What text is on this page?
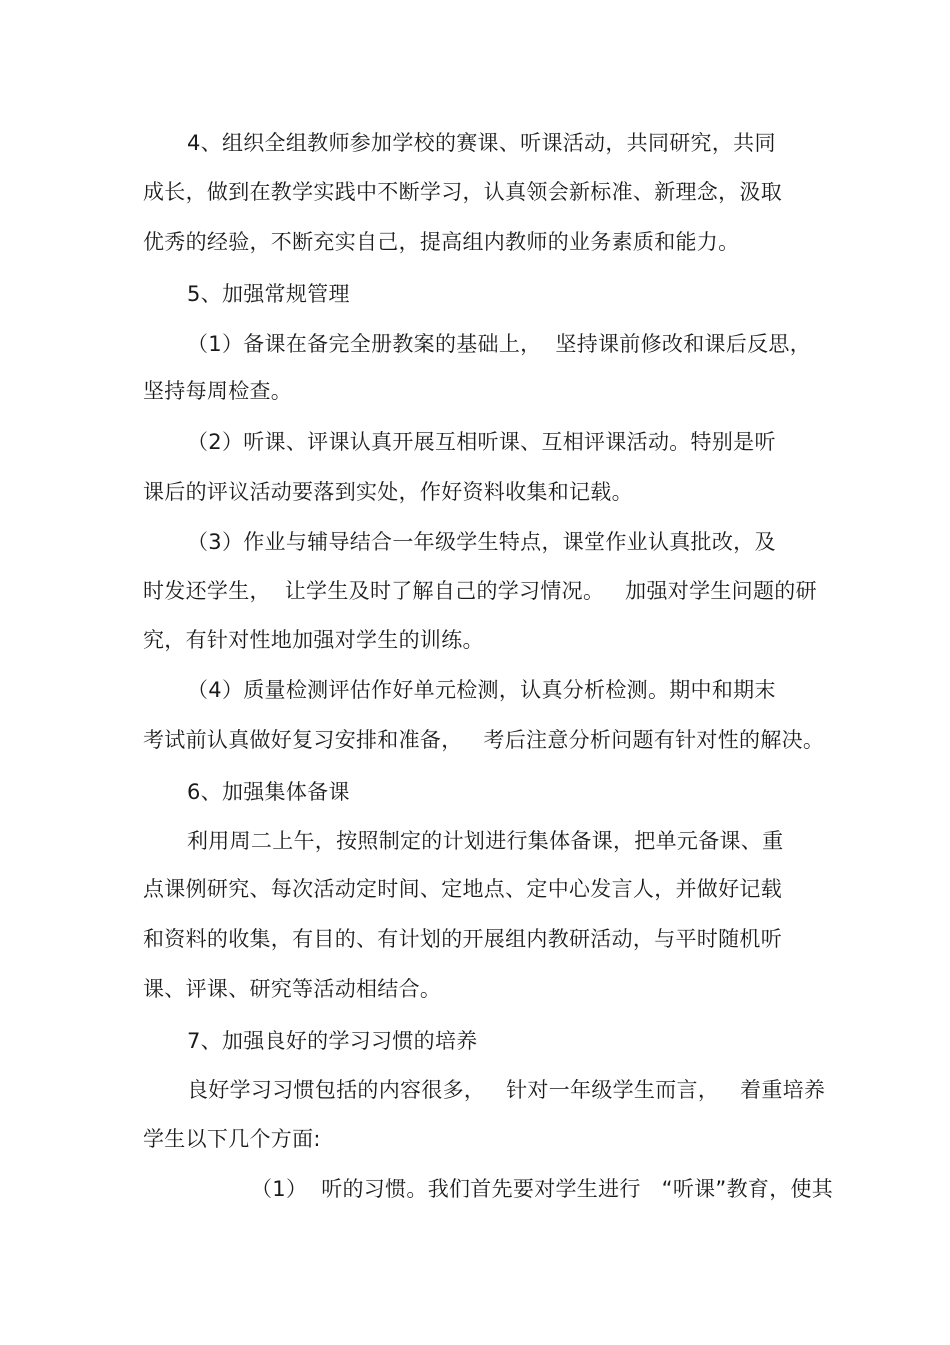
4、组织全组教师参加学校的赛课、听课活动，共同研究，共同
成长，做到在教学实践中不断学习，认真领会新标准、新理念，汲取
优秀的经验，不断充实自己，提高组内教师的业务素质和能力。
5、加强常规管理
（1）备课在备完全册教案的基础上，  坚持课前修改和课后反思，
坚持每周检查。
（2）听课、评课认真开展互相听课、互相评课活动。特别是听
课后的评议活动要落到实处，作好资料收集和记载。
（3）作业与辅导结合一年级学生特点，课堂作业认真批改，及
时发还学生，  让学生及时了解自己的学习情况。   加强对学生问题的研
究，有针对性地加强对学生的训练。
（4）质量检测评估作好单元检测，认真分析检测。期中和期末
考试前认真做好复习安排和准备，   考后注意分析问题有针对性的解决。
6、加强集体备课
利用周二上午，按照制定的计划进行集体备课，把单元备课、重
点课例研究、每次活动定时间、定地点、定中心发言人，并做好记载
和资料的收集，有目的、有计划的开展组内教研活动，与平时随机听
课、评课、研究等活动相结合。
7、加强良好的学习习惯的培养
良好学习习惯包括的内容很多，   针对一年级学生而言，   着重培养
学生以下几个方面:
（1）  听的习惯。我们首先要对学生进行   “听课”教育，使其
